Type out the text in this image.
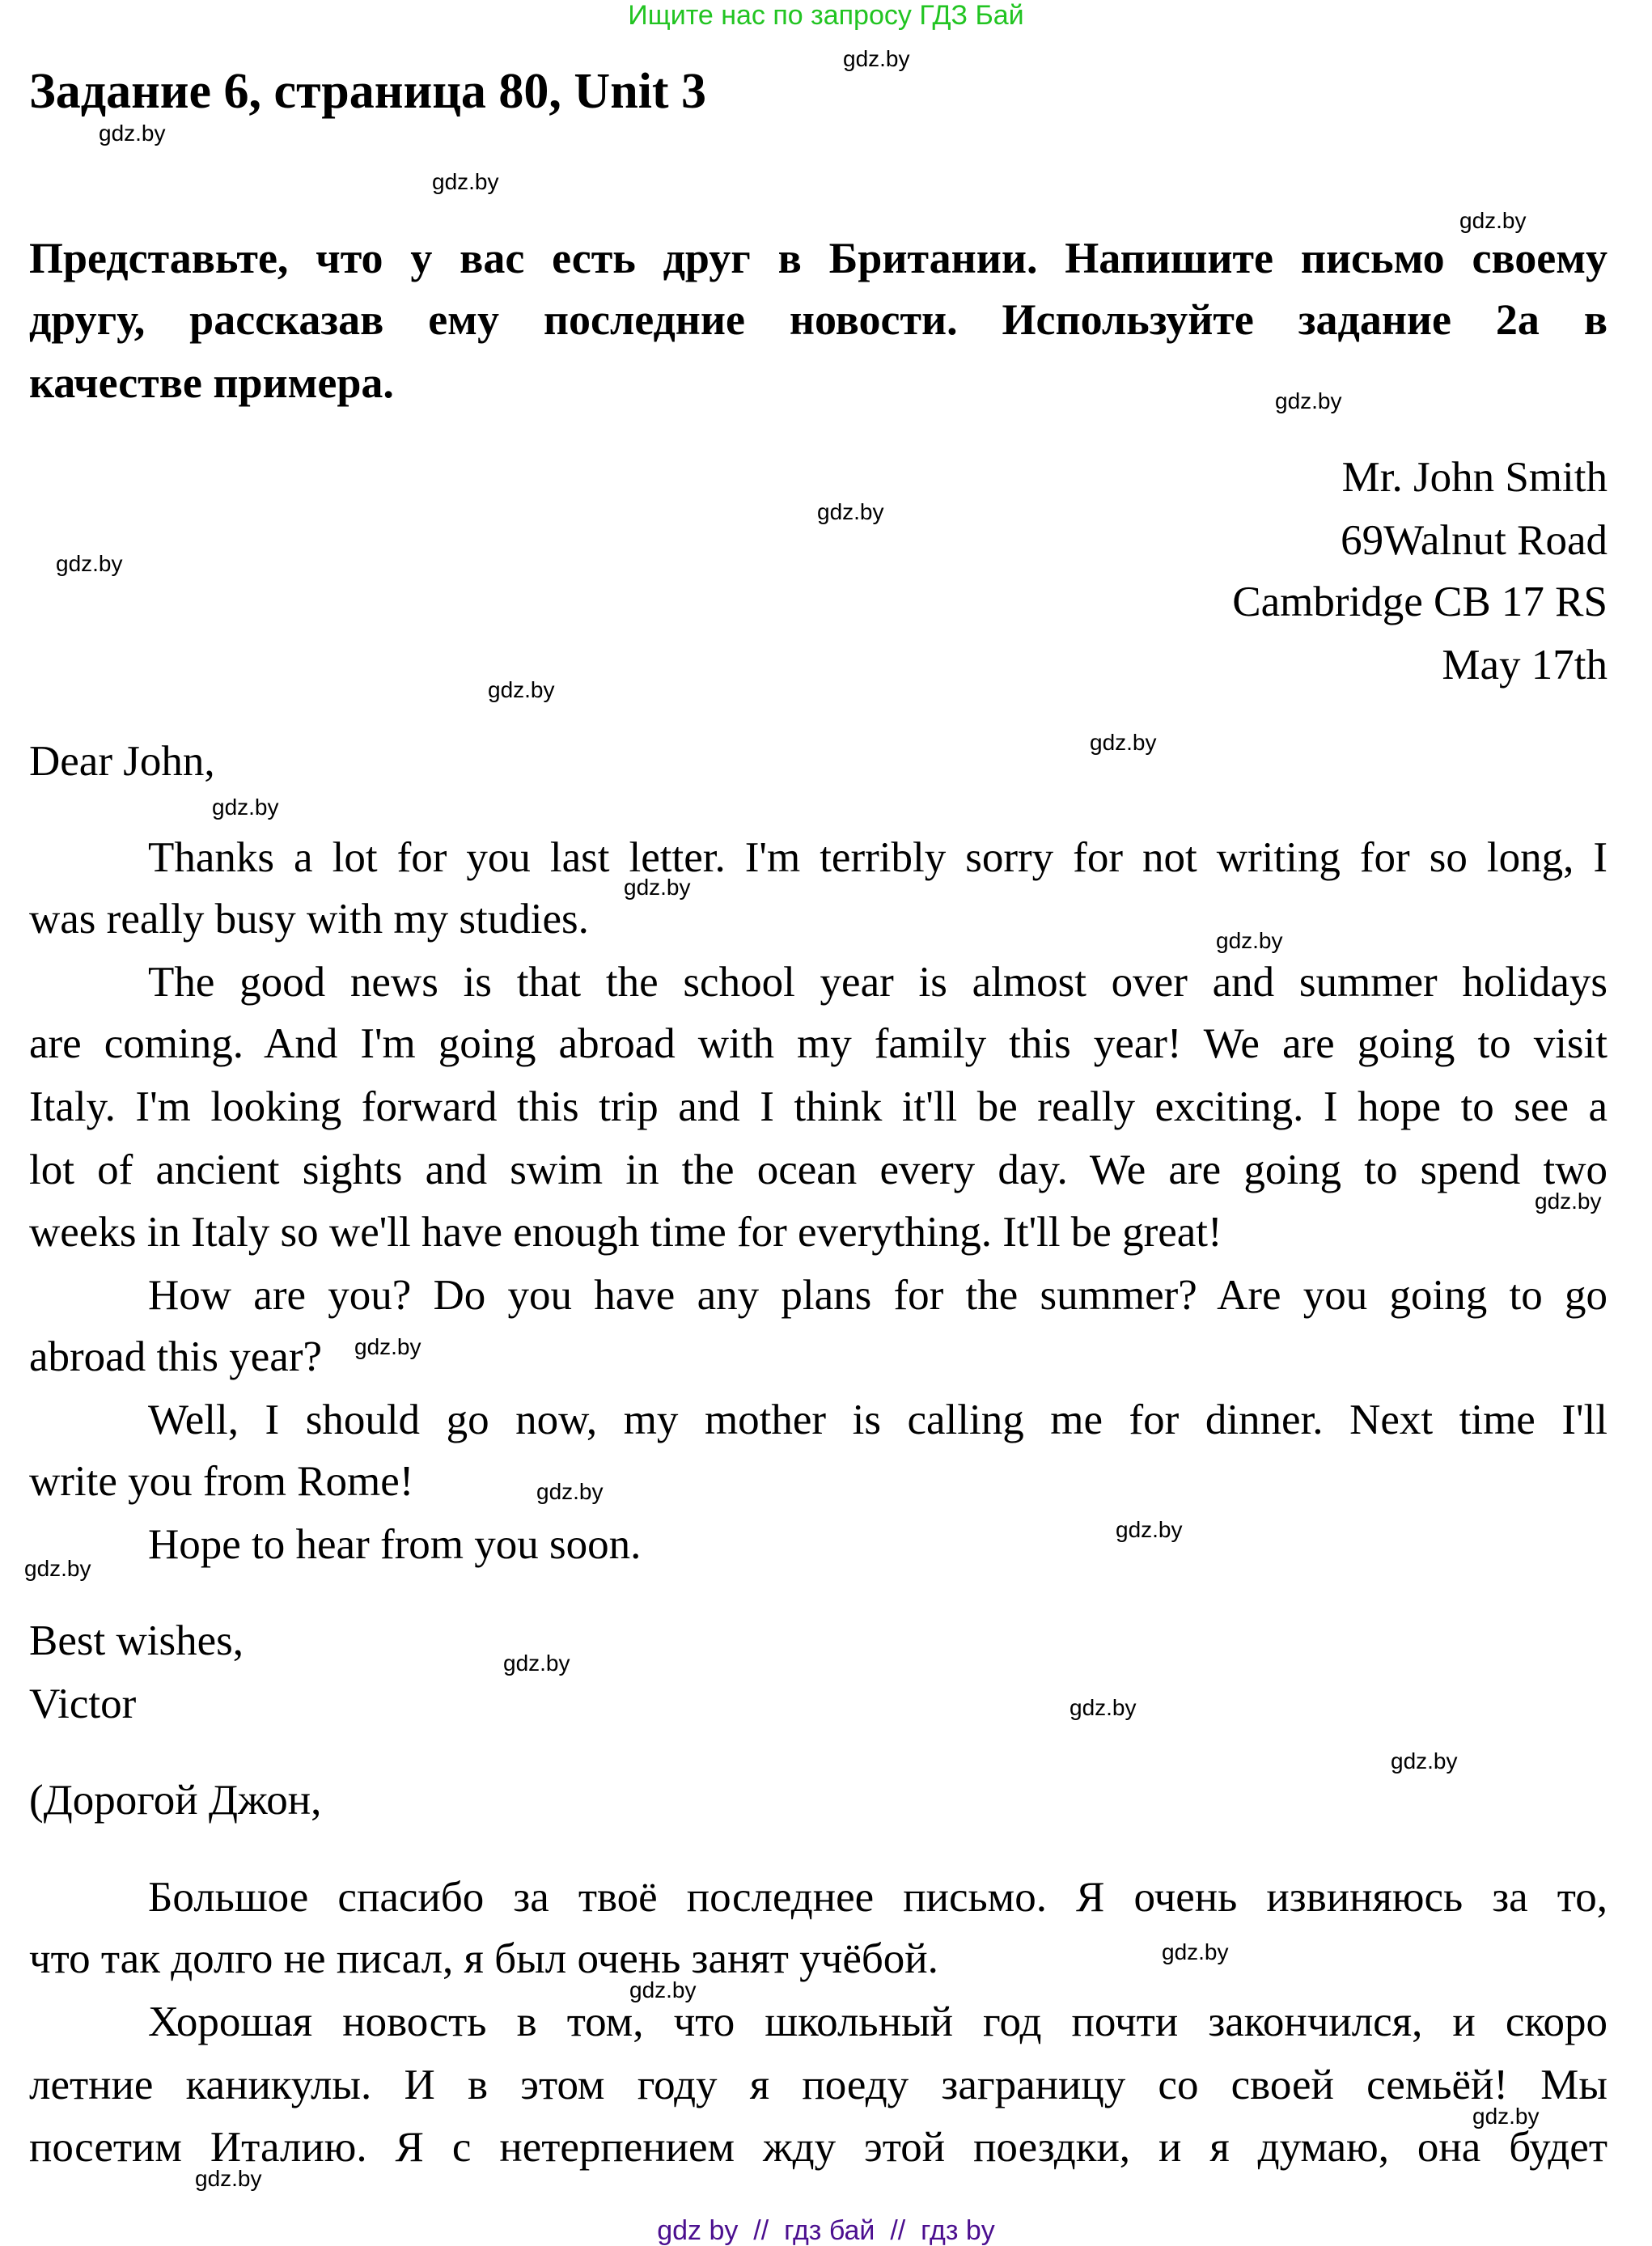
Ищите нас по запросу ГДЗ Бай
Задание 6, страница 80, Unit 3
Представьте, что у вас есть друг в Британии. Напишите письмо своему
другу, рассказав ему последние новости. Используйте задание 2a в
качестве примера.
Mr. John Smith
69Walnut Road
Cambridge CB 17 RS
May 17th
Dear John,
Thanks a lot for you last letter. I'm terribly sorry for not writing for so long, I
was really busy with my studies.
The good news is that the school year is almost over and summer holidays
are coming. And I'm going abroad with my family this year! We are going to visit
Italy. I'm looking forward this trip and I think it'll be really exciting. I hope to see a
lot of ancient sights and swim in the ocean every day. We are going to spend two
weeks in Italy so we'll have enough time for everything. It'll be great!
How are you? Do you have any plans for the summer? Are you going to go
abroad this year?
Well, I should go now, my mother is calling me for dinner. Next time I'll
write you from Rome!
Hope to hear from you soon.
Best wishes,
Victor
(Дорогой Джон,
Большое спасибо за твоё последнее письмо. Я очень извиняюсь за то,
что так долго не писал, я был очень занят учёбой.
Хорошая новость в том, что школьный год почти закончился, и скоро
летние каникулы. И в этом году я поеду заграницу со своей семьёй! Мы
посетим Италию. Я с нетерпением жду этой поездки, и я думаю, она будет
gdz.by
gdz.by
gdz.by
gdz.by
gdz.by
gdz.by
gdz.by
gdz.by
gdz.by
gdz.by
gdz.by
gdz.by
gdz.by
gdz.by
gdz.by
gdz.by
gdz.by
gdz.by
gdz.by
gdz.by
gdz.by
gdz.by
gdz.by
gdz.by
gdz by  //  гдз бай  //  гдз by
